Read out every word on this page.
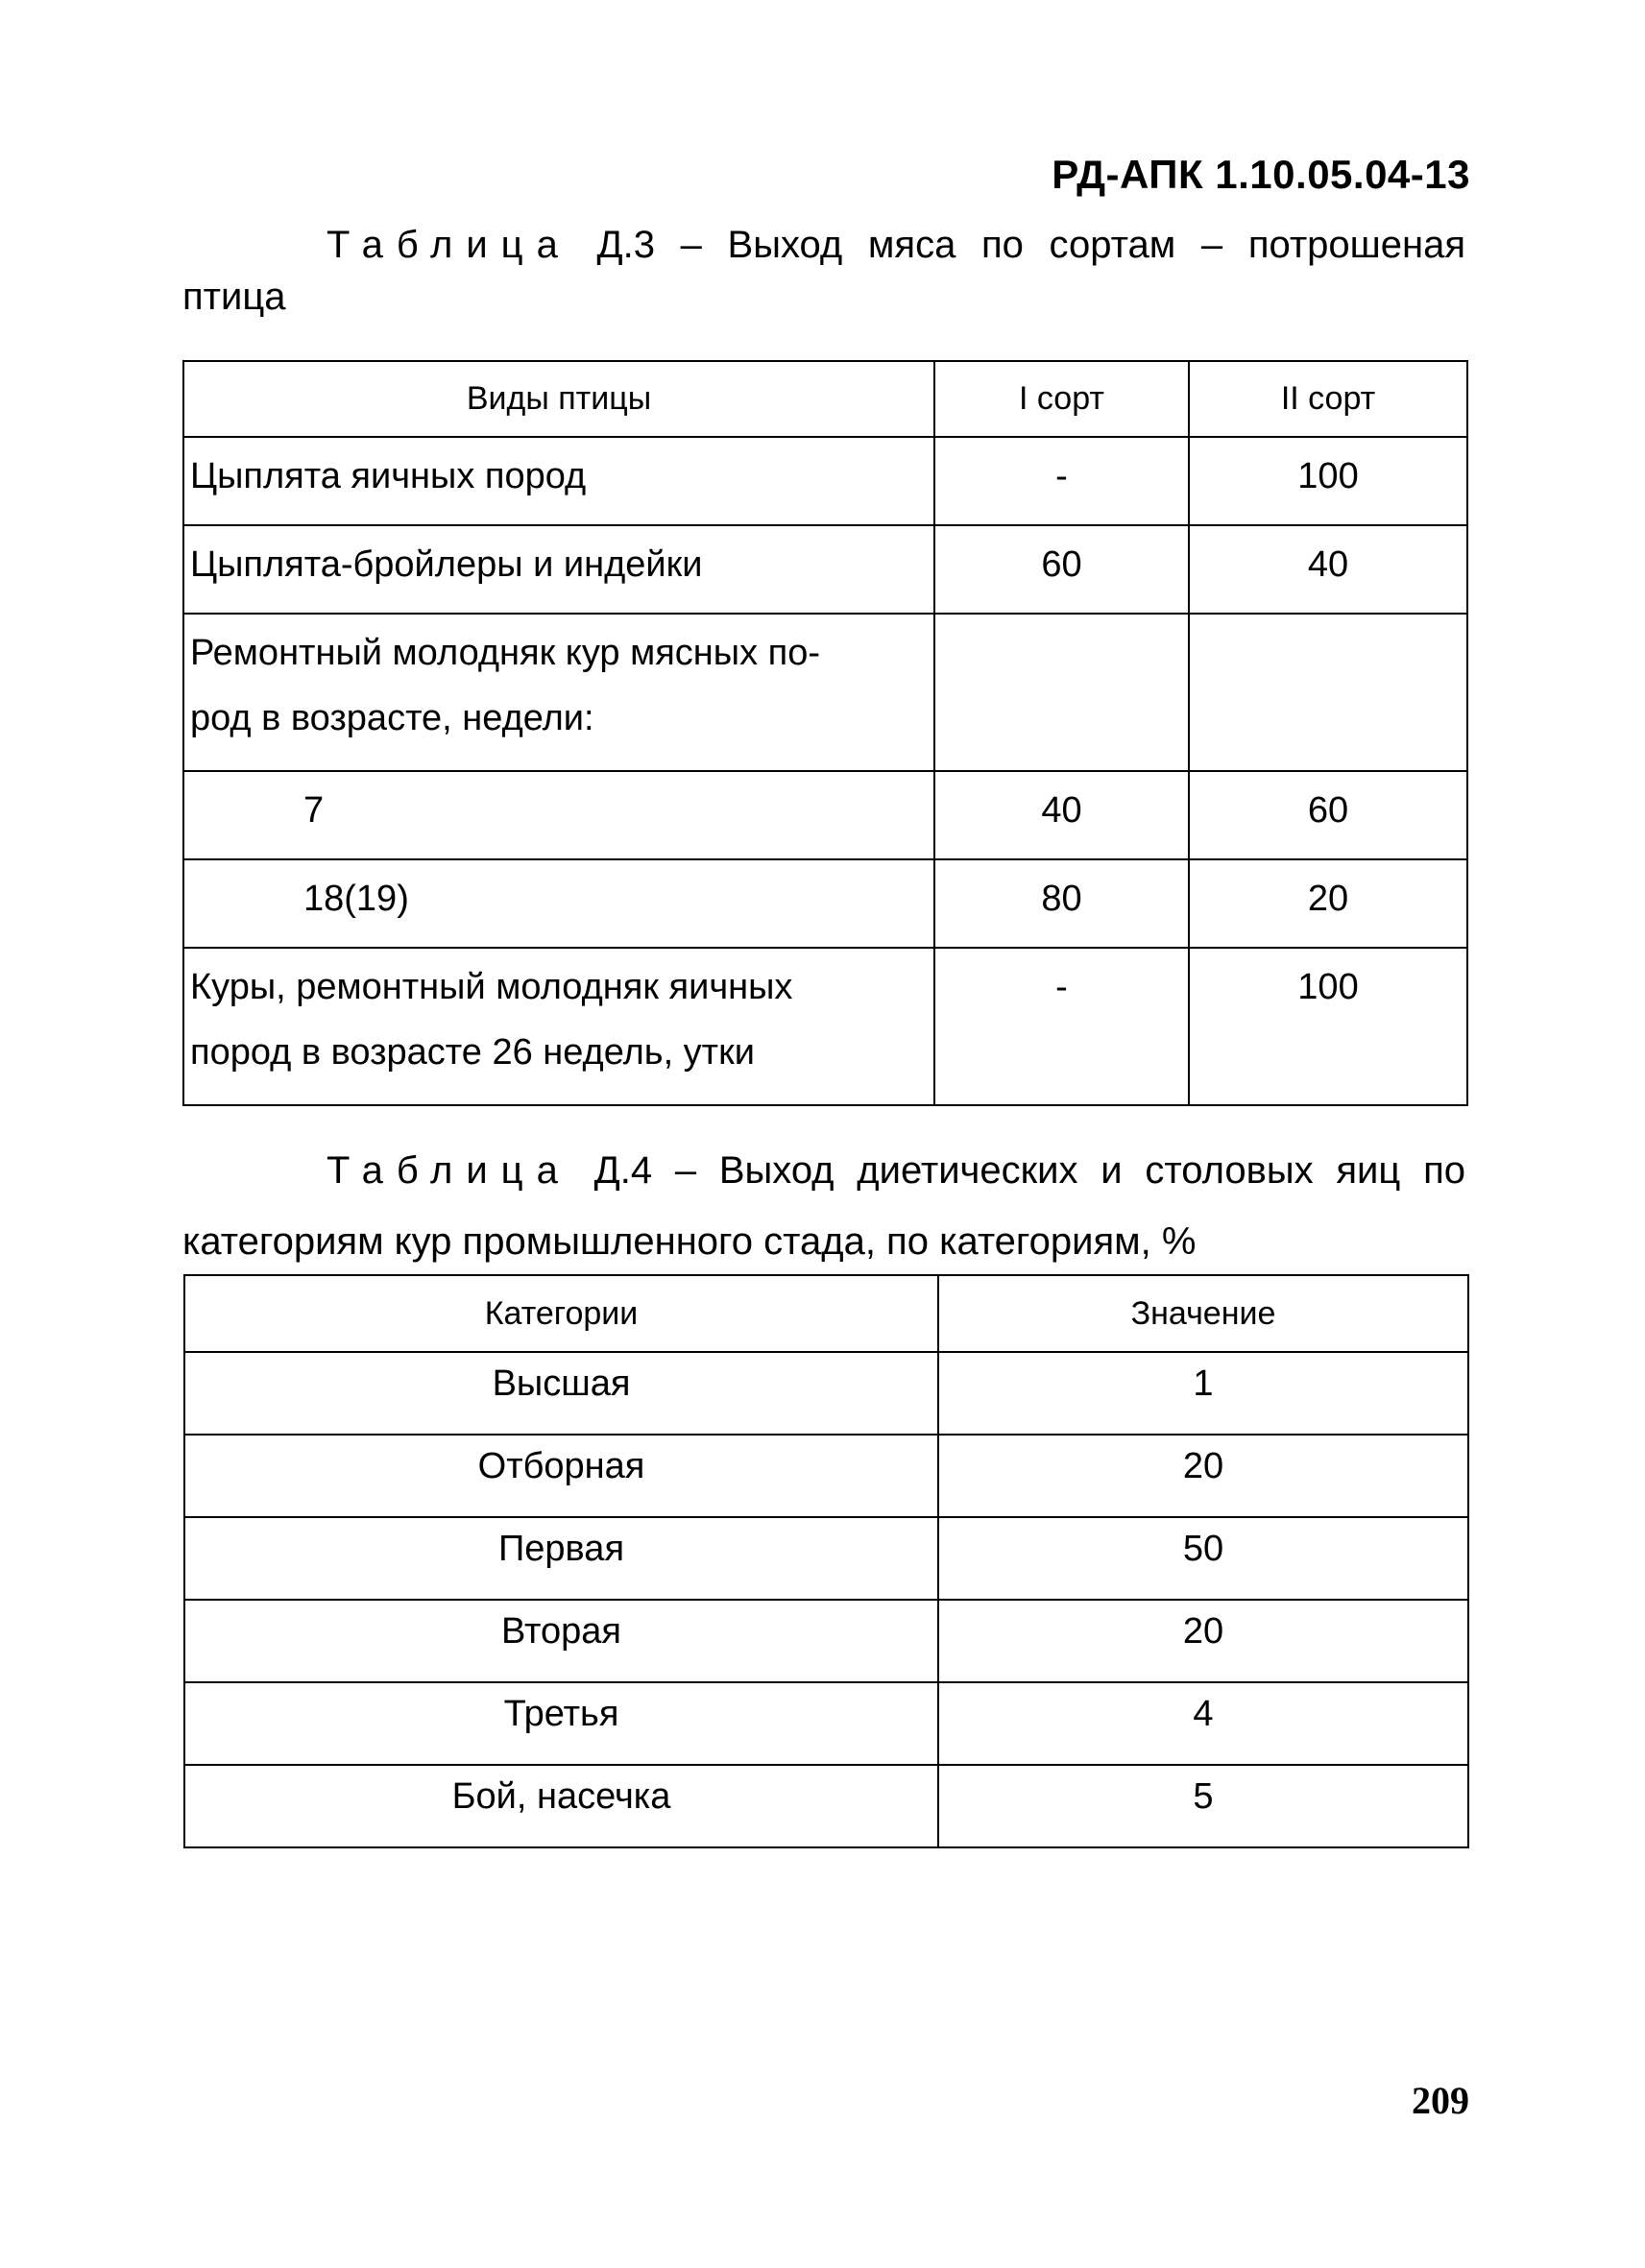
РД-АПК 1.10.05.04-13
Таблица Д.3 – Выход мяса по сортам – потрошеная
птица
Виды птицы	I сорт	II сорт
Цыплята яичных пород	-	100
Цыплята-бройлеры и индейки	60	40

Ремонтный молодняк кур мясных по-
род в возрасте, недели:		

7	40	60
18(19)	80	20

Куры, ремонтный молодняк яичных
пород в возрасте 26 недель, утки	-	100
Таблица Д.4 – Выход диетических и столовых яиц по
категориям кур промышленного стада, по категориям, %
Категории	Значение
Высшая	1
Отборная	20
Первая	50
Вторая	20
Третья	4
Бой, насечка	5
209
